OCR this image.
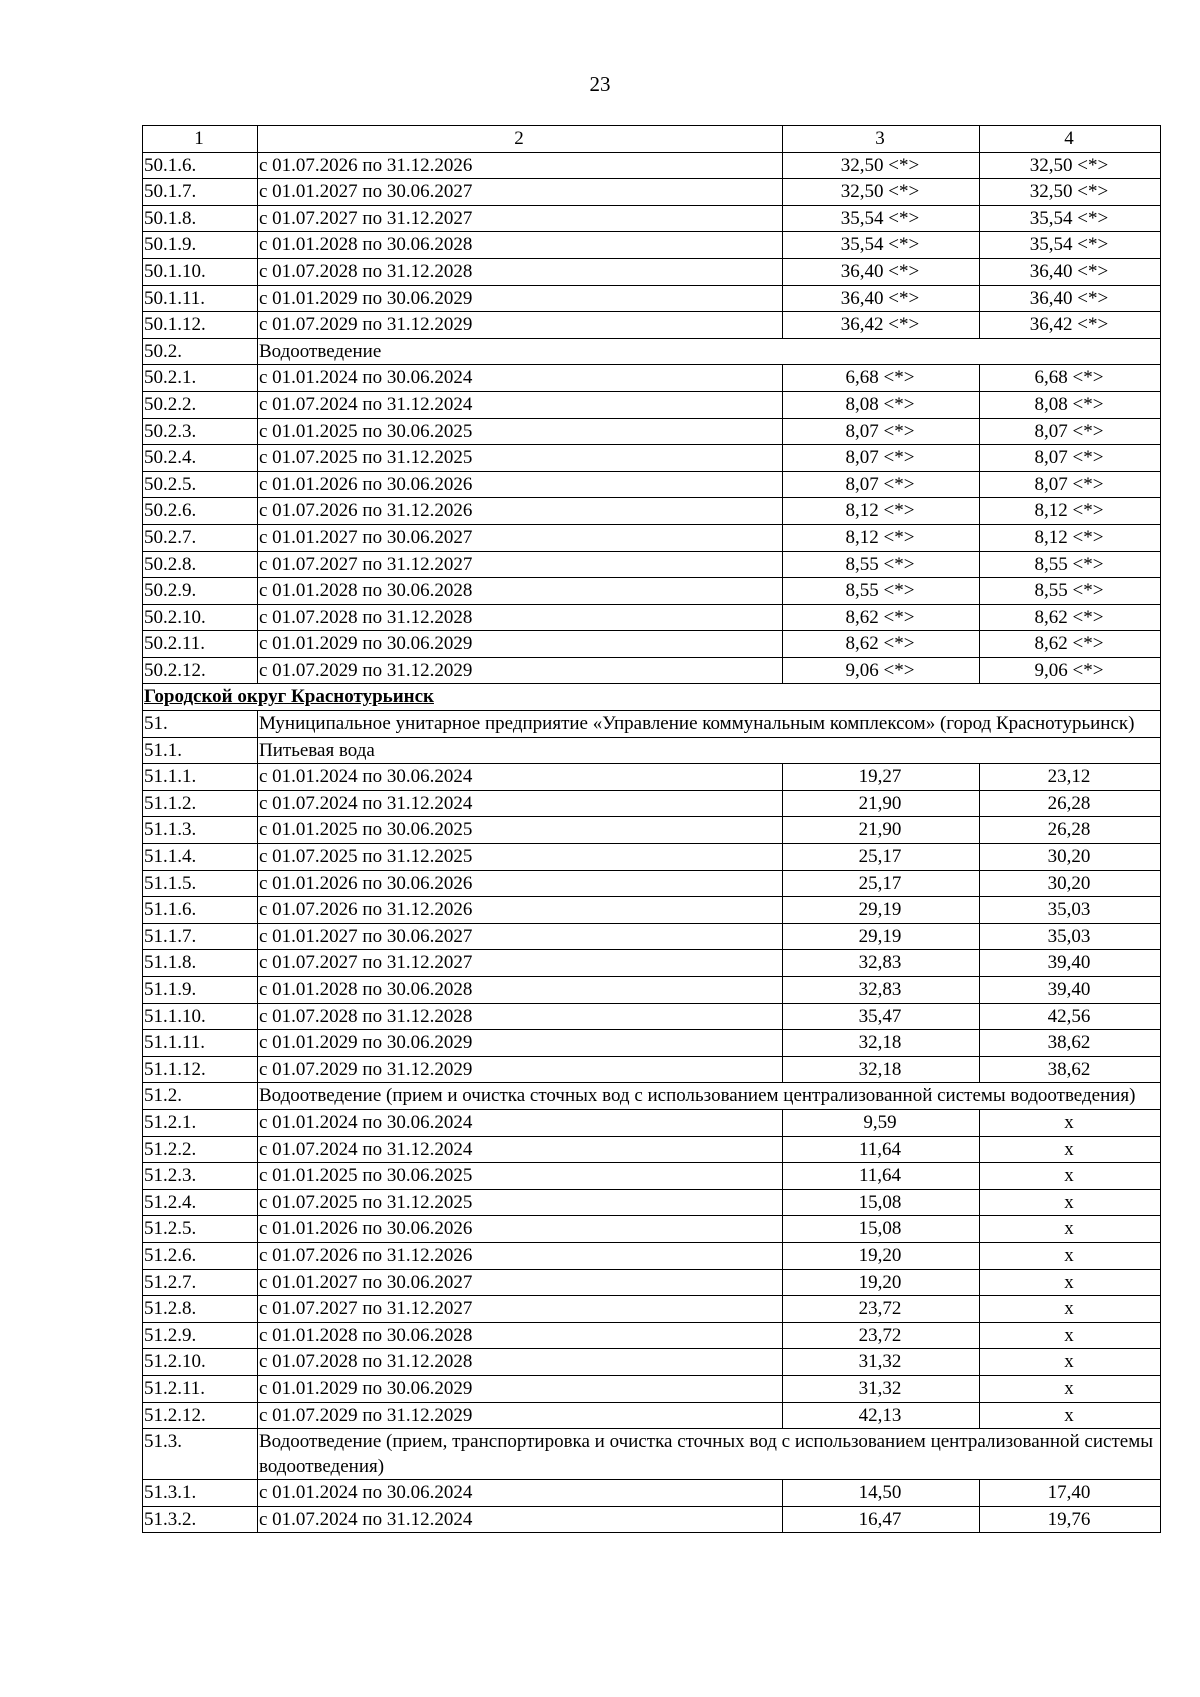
23
1	2	3	4
50.1.6.	с 01.07.2026 по 31.12.2026	32,50 <*>	32,50 <*>
50.1.7.	с 01.01.2027 по 30.06.2027	32,50 <*>	32,50 <*>
50.1.8.	с 01.07.2027 по 31.12.2027	35,54 <*>	35,54 <*>
50.1.9.	с 01.01.2028 по 30.06.2028	35,54 <*>	35,54 <*>
50.1.10.	с 01.07.2028 по 31.12.2028	36,40 <*>	36,40 <*>
50.1.11.	с 01.01.2029 по 30.06.2029	36,40 <*>	36,40 <*>
50.1.12.	с 01.07.2029 по 31.12.2029	36,42 <*>	36,42 <*>
50.2.	Водоотведение		
50.2.1.	с 01.01.2024 по 30.06.2024	6,68 <*>	6,68 <*>
50.2.2.	с 01.07.2024 по 31.12.2024	8,08 <*>	8,08 <*>
50.2.3.	с 01.01.2025 по 30.06.2025	8,07 <*>	8,07 <*>
50.2.4.	с 01.07.2025 по 31.12.2025	8,07 <*>	8,07 <*>
50.2.5.	с 01.01.2026 по 30.06.2026	8,07 <*>	8,07 <*>
50.2.6.	с 01.07.2026 по 31.12.2026	8,12 <*>	8,12 <*>
50.2.7.	с 01.01.2027 по 30.06.2027	8,12 <*>	8,12 <*>
50.2.8.	с 01.07.2027 по 31.12.2027	8,55 <*>	8,55 <*>
50.2.9.	с 01.01.2028 по 30.06.2028	8,55 <*>	8,55 <*>
50.2.10.	с 01.07.2028 по 31.12.2028	8,62 <*>	8,62 <*>
50.2.11.	с 01.01.2029 по 30.06.2029	8,62 <*>	8,62 <*>
50.2.12.	с 01.07.2029 по 31.12.2029	9,06 <*>	9,06 <*>
Городской округ Краснотурьинск			
51.	Муниципальное унитарное предприятие «Управление коммунальным комплексом» (город Краснотурьинск)		
51.1.	Питьевая вода		
51.1.1.	с 01.01.2024 по 30.06.2024	19,27	23,12
51.1.2.	с 01.07.2024 по 31.12.2024	21,90	26,28
51.1.3.	с 01.01.2025 по 30.06.2025	21,90	26,28
51.1.4.	с 01.07.2025 по 31.12.2025	25,17	30,20
51.1.5.	с 01.01.2026 по 30.06.2026	25,17	30,20
51.1.6.	с 01.07.2026 по 31.12.2026	29,19	35,03
51.1.7.	с 01.01.2027 по 30.06.2027	29,19	35,03
51.1.8.	с 01.07.2027 по 31.12.2027	32,83	39,40
51.1.9.	с 01.01.2028 по 30.06.2028	32,83	39,40
51.1.10.	с 01.07.2028 по 31.12.2028	35,47	42,56
51.1.11.	с 01.01.2029 по 30.06.2029	32,18	38,62
51.1.12.	с 01.07.2029 по 31.12.2029	32,18	38,62
51.2.	Водоотведение (прием и очистка сточных вод с использованием централизованной системы водоотведения)		
51.2.1.	с 01.01.2024 по 30.06.2024	9,59	x
51.2.2.	с 01.07.2024 по 31.12.2024	11,64	x
51.2.3.	с 01.01.2025 по 30.06.2025	11,64	x
51.2.4.	с 01.07.2025 по 31.12.2025	15,08	x
51.2.5.	с 01.01.2026 по 30.06.2026	15,08	x
51.2.6.	с 01.07.2026 по 31.12.2026	19,20	x
51.2.7.	с 01.01.2027 по 30.06.2027	19,20	x
51.2.8.	с 01.07.2027 по 31.12.2027	23,72	x
51.2.9.	с 01.01.2028 по 30.06.2028	23,72	x
51.2.10.	с 01.07.2028 по 31.12.2028	31,32	x
51.2.11.	с 01.01.2029 по 30.06.2029	31,32	x
51.2.12.	с 01.07.2029 по 31.12.2029	42,13	x
51.3.	Водоотведение (прием, транспортировка и очистка сточных вод с использованием централизованной системы водоотведения)		
51.3.1.	с 01.01.2024 по 30.06.2024	14,50	17,40
51.3.2.	с 01.07.2024 по 31.12.2024	16,47	19,76
